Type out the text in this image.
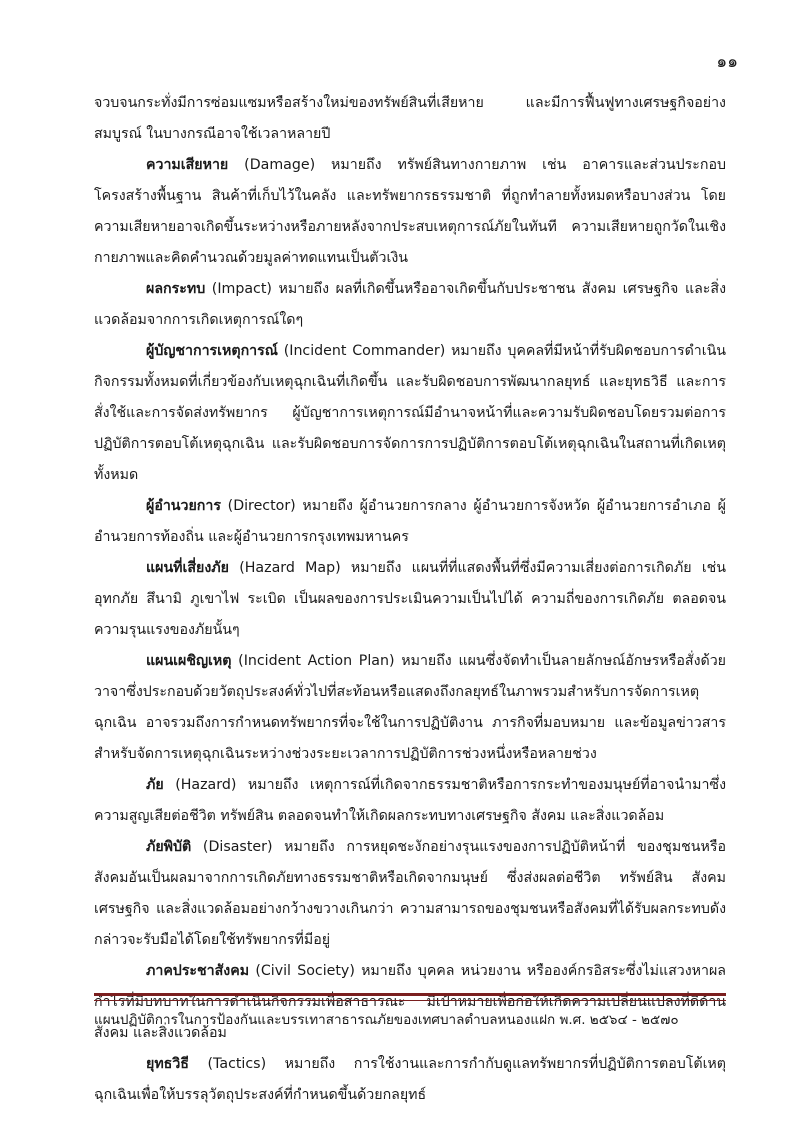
๑๑

จวบจนกระทั่งมีการซ่อมแซมหรือสร้างใหม่ของทรัพย์สินที่เสียหาย และมีการฟื้นฟูทางเศรษฐกิจอย่างสมบูรณ์ ในบางกรณีอาจใช้เวลาหลายปี

ความเสียหาย (Damage) หมายถึง ทรัพย์สินทางกายภาพ เช่น อาคารและส่วนประกอบ โครงสร้างพื้นฐาน สินค้าที่เก็บไว้ในคลัง และทรัพยากรธรรมชาติ ที่ถูกทำลายทั้งหมดหรือบางส่วน โดยความเสียหายอาจเกิดขึ้นระหว่างหรือภายหลังจากประสบเหตุการณ์ภัยในทันที ความเสียหายถูกวัดในเชิงกายภาพและคิดคำนวณด้วยมูลค่าทดแทนเป็นตัวเงิน

ผลกระทบ (Impact) หมายถึง ผลที่เกิดขึ้นหรืออาจเกิดขึ้นกับประชาชน สังคม เศรษฐกิจ และสิ่งแวดล้อมจากการเกิดเหตุการณ์ใดๆ

ผู้บัญชาการเหตุการณ์ (Incident Commander) หมายถึง บุคคลที่มีหน้าที่รับผิดชอบการดำเนินกิจกรรมทั้งหมดที่เกี่ยวข้องกับเหตุฉุกเฉินที่เกิดขึ้น และรับผิดชอบการพัฒนากลยุทธ์ และยุทธวิธี และการสั่งใช้และการจัดส่งทรัพยากร ผู้บัญชาการเหตุการณ์มีอำนาจหน้าที่และความรับผิดชอบโดยรวมต่อการปฏิบัติการตอบโต้เหตุฉุกเฉิน และรับผิดชอบการจัดการการปฏิบัติการตอบโต้เหตุฉุกเฉินในสถานที่เกิดเหตุทั้งหมด

ผู้อำนวยการ (Director) หมายถึง ผู้อำนวยการกลาง ผู้อำนวยการจังหวัด ผู้อำนวยการอำเภอ ผู้อำนวยการท้องถิ่น และผู้อำนวยการกรุงเทพมหานคร

แผนที่เสี่ยงภัย (Hazard Map) หมายถึง แผนที่ที่แสดงพื้นที่ซึ่งมีความเสี่ยงต่อการเกิดภัย เช่น อุทกภัย สึนามิ ภูเขาไฟ ระเบิด เป็นผลของการประเมินความเป็นไปได้ ความถี่ของการเกิดภัย ตลอดจนความรุนแรงของภัยนั้นๆ

แผนเผชิญเหตุ (Incident Action Plan) หมายถึง แผนซึ่งจัดทำเป็นลายลักษณ์อักษรหรือสั่งด้วยวาจาซึ่งประกอบด้วยวัตถุประสงค์ทั่วไปที่สะท้อนหรือแสดงถึงกลยุทธ์ในภาพรวมสำหรับการจัดการเหตุฉุกเฉิน อาจรวมถึงการกำหนดทรัพยากรที่จะใช้ในการปฏิบัติงาน ภารกิจที่มอบหมาย และข้อมูลข่าวสารสำหรับจัดการเหตุฉุกเฉินระหว่างช่วงระยะเวลาการปฏิบัติการช่วงหนึ่งหรือหลายช่วง

ภัย (Hazard) หมายถึง เหตุการณ์ที่เกิดจากธรรมชาติหรือการกระทำของมนุษย์ที่อาจนำมาซึ่ง ความสูญเสียต่อชีวิต ทรัพย์สิน ตลอดจนทำให้เกิดผลกระทบทางเศรษฐกิจ สังคม และสิ่งแวดล้อม

ภัยพิบัติ (Disaster) หมายถึง การหยุดชะงักอย่างรุนแรงของการปฏิบัติหน้าที่ ของชุมชนหรือสังคมอันเป็นผลมาจากการเกิดภัยทางธรรมชาติหรือเกิดจากมนุษย์ ซึ่งส่งผลต่อชีวิต ทรัพย์สิน สังคม เศรษฐกิจ และสิ่งแวดล้อมอย่างกว้างขวางเกินกว่า ความสามารถของชุมชนหรือสังคมที่ได้รับผลกระทบดังกล่าวจะรับมือได้โดยใช้ทรัพยากรที่มีอยู่

ภาคประชาสังคม (Civil Society) หมายถึง บุคคล หน่วยงาน หรือองค์กรอิสระซึ่งไม่แสวงหาผลกำไรที่มีบทบาทในการดำเนินกิจกรรมเพื่อสาธารณะ มีเป้าหมายเพื่อก่อให้เกิดความเปลี่ยนแปลงที่ดีด้านสังคม และสิ่งแวดล้อม

ยุทธวิธี (Tactics) หมายถึง การใช้งานและการกำกับดูแลทรัพยากรที่ปฏิบัติการตอบโต้เหตุฉุกเฉินเพื่อให้บรรลุวัตถุประสงค์ที่กำหนดขึ้นด้วยกลยุทธ์

แผนปฏิบัติการในการป้องกันและบรรเทาสาธารณภัยของเทศบาลตำบลหนองแฝก พ.ศ. ๒๕๖๔ - ๒๕๗๐
